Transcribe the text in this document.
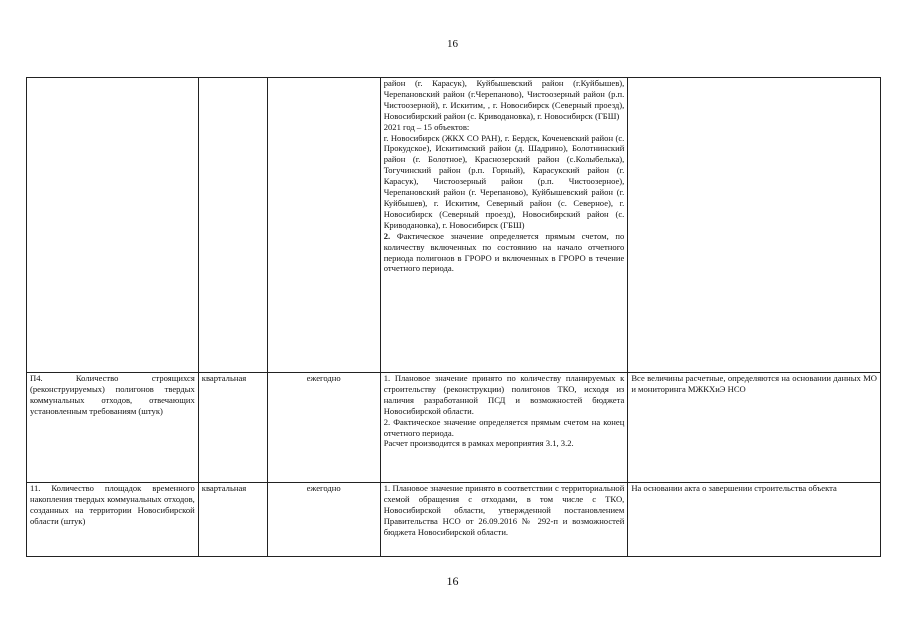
16

			район (г. Карасук), Куйбышевский район (г.Куйбышев), Черепановский район (г.Черепаново), Чистоозерный район (р.п. Чистоозерной), г. Искитим, , г. Новосибирск (Северный проезд), Новосибирский район (с. Криводановка), г. Новосибирск (ГБШ)
2021 год – 15 объектов:
г. Новосибирск (ЖКХ СО РАН), г. Бердск, Коченевский район (с. Прокудское), Искитимский район (д. Шадрино), Болотнинский район (г. Болотное), Краснозерский район (с.Колыбелька), Тогучинский район (р.п. Горный), Карасукский район (г. Карасук), Чистоозерный район (р.п. Чистоозерное), Черепановский район (г. Черепаново), Куйбышевский район (г. Куйбышев), г. Искитим, Северный район (с. Северное), г. Новосибирск (Северный проезд), Новосибирский район (с. Криводановка), г. Новосибирск (ГБШ)
2. Фактическое значение определяется прямым счетом, по количеству включенных по состоянию на начало отчетного периода полигонов в ГРОРО и включенных в ГРОРО в течение отчетного периода.	

П4. Количество строящихся (реконструируемых) полигонов твердых коммунальных отходов, отвечающих установленным требованиям (штук)	квартальная	ежегодно	1. Плановое значение принято по количеству планируемых к строительству (реконструкции) полигонов ТКО, исходя из наличия разработанной ПСД и возможностей бюджета Новосибирской области.
2. Фактическое значение определяется прямым счетом на конец отчетного периода.
Расчет производится в рамках мероприятия 3.1, 3.2.	Все величины расчетные, определяются на основании данных МО и мониторинга МЖКХиЭ НСО
11. Количество площадок временного накопления твердых коммунальных отходов, созданных на территории Новосибирской области (штук)	квартальная	ежегодно	1. Плановое значение принято в соответствии с территориальной схемой обращения с отходами, в том числе с ТКО, Новосибирской области, утвержденной постановлением Правительства НСО от 26.09.2016 № 292-п и возможностей бюджета Новосибирской области.	На основании акта о завершении строительства объекта
16
